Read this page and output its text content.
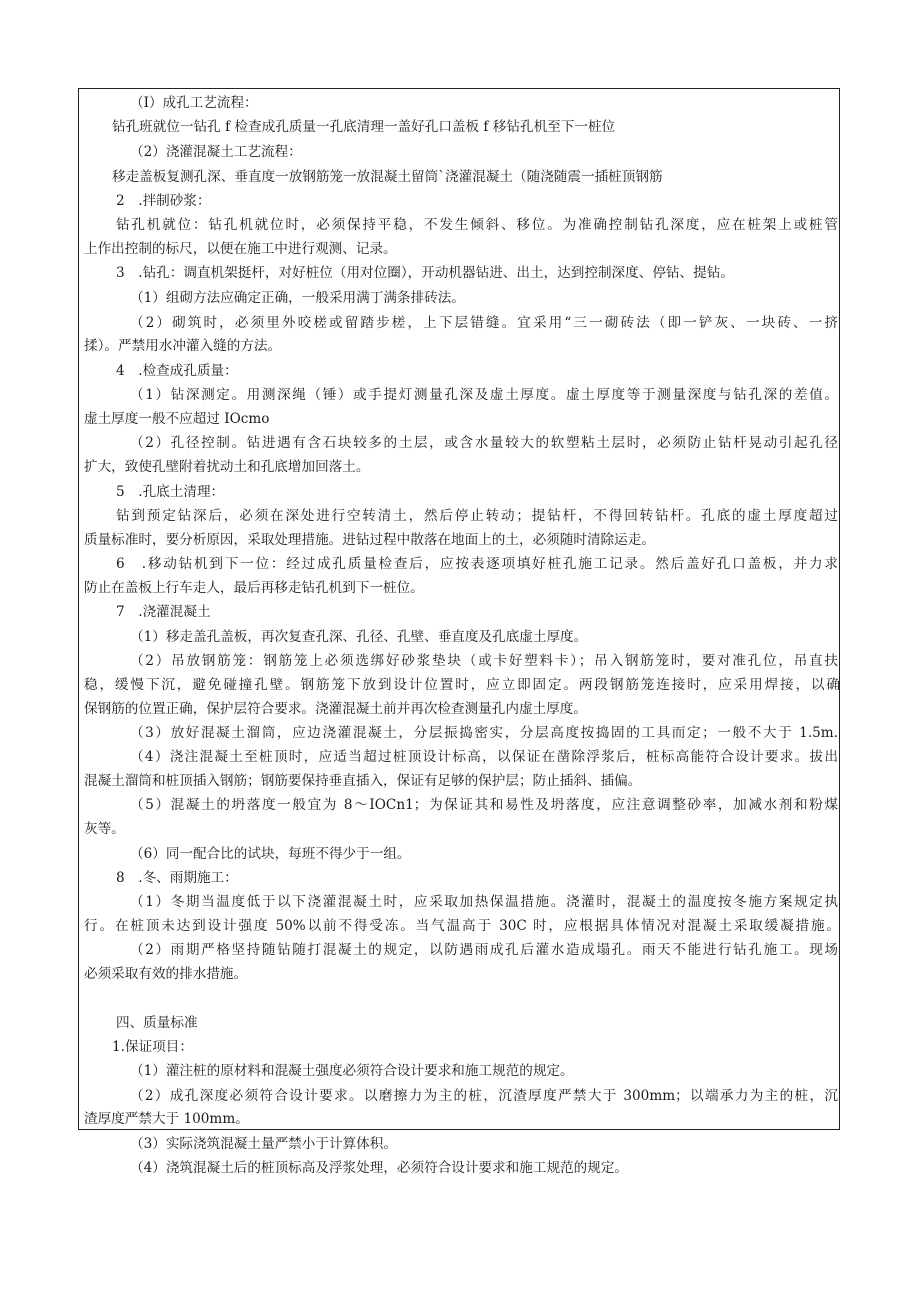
（I）成孔工艺流程：
钻孔班就位一钻孔 f 检查成孔质量一孔底清理一盖好孔口盖板 f 移钻孔机至下一桩位
（2）浇灌混凝土工艺流程：
移走盖板复测孔深、垂直度一放钢筋笼一放混凝土留筒`浇灌混凝土（随浇随震一插桩顶钢筋
2　.拌制砂浆：
钻孔机就位：钻孔机就位时，必须保持平稳，不发生倾斜、移位。为准确控制钻孔深度，应在桩架上或桩管
上作出控制的标尺，以便在施工中进行观测、记录。
3　.钻孔：调直机架挺杆，对好桩位（用对位圈），开动机器钻进、出土，达到控制深度、停钻、提钻。
（1）组砌方法应确定正确，一般采用满丁满条排砖法。
（2）砌筑时，必须里外咬槎或留踏步槎，上下层错缝。宜采用“三一砌砖法（即一铲灰、一块砖、一挤
揉）。严禁用水冲灌入缝的方法。
4　.检查成孔质量：
（1）钻深测定。用测深绳（锤）或手提灯测量孔深及虚土厚度。虚土厚度等于测量深度与钻孔深的差值。
虚土厚度一般不应超过 IOcmo
（2）孔径控制。钻进遇有含石块较多的土层，或含水量较大的软塑粘土层时，必须防止钻杆晃动引起孔径
扩大，致使孔壁附着扰动土和孔底增加回落土。
5　.孔底土清理：
钻到预定钻深后，必须在深处进行空转清土，然后停止转动；提钻杆，不得回转钻杆。孔底的虚土厚度超过
质量标准时，要分析原因，采取处理措施。进钻过程中散落在地面上的土，必须随时清除运走。
6　.移动钻机到下一位：经过成孔质量检查后，应按表逐项填好桩孔施工记录。然后盖好孔口盖板，并力求
防止在盖板上行车走人，最后再移走钻孔机到下一桩位。
7　.浇灌混凝土
（1）移走盖孔盖板，再次复查孔深、孔径、孔壁、垂直度及孔底虚土厚度。
（2）吊放钢筋笼：钢筋笼上必须选绑好砂浆垫块（或卡好塑料卡）；吊入钢筋笼时，要对准孔位，吊直扶
稳，缓慢下沉，避免碰撞孔壁。钢筋笼下放到设计位置时，应立即固定。两段钢筋笼连接时，应采用焊接，以确
保钢筋的位置正确，保护层符合要求。浇灌混凝土前并再次检查测量孔内虚土厚度。
（3）放好混凝土溜筒，应边浇灌混凝土，分层振捣密实，分层高度按捣固的工具而定；一般不大于 1.5m.
（4）浇注混凝土至桩顶时，应适当超过桩顶设计标高，以保证在凿除浮浆后，桩标高能符合设计要求。拔出
混凝土溜筒和桩顶插入钢筋；钢筋要保持垂直插入，保证有足够的保护层；防止插斜、插偏。
（5）混凝土的坍落度一般宜为 8～IOCn1；为保证其和易性及坍落度，应注意调整砂率，加减水剂和粉煤
灰等。
（6）同一配合比的试块，每班不得少于一组。
8　.冬、雨期施工：
（1）冬期当温度低于以下浇灌混凝土时，应采取加热保温措施。浇灌时，混凝土的温度按冬施方案规定执
行。在桩顶未达到设计强度 50%以前不得受冻。当气温高于 30C 时，应根据具体情况对混凝土采取缓凝措施。
（2）雨期严格坚持随钻随打混凝土的规定，以防遇雨成孔后灌水造成塌孔。雨天不能进行钻孔施工。现场
必须采取有效的排水措施。
四、质量标准
1.保证项目：
（1）灌注桩的原材料和混凝土强度必须符合设计要求和施工规范的规定。
（2）成孔深度必须符合设计要求。以磨擦力为主的桩，沉渣厚度严禁大于 300mm；以端承力为主的桩，沉
渣厚度严禁大于 100mm。
（3）实际浇筑混凝土量严禁小于计算体积。
（4）浇筑混凝土后的桩顶标高及浮浆处理，必须符合设计要求和施工规范的规定。
